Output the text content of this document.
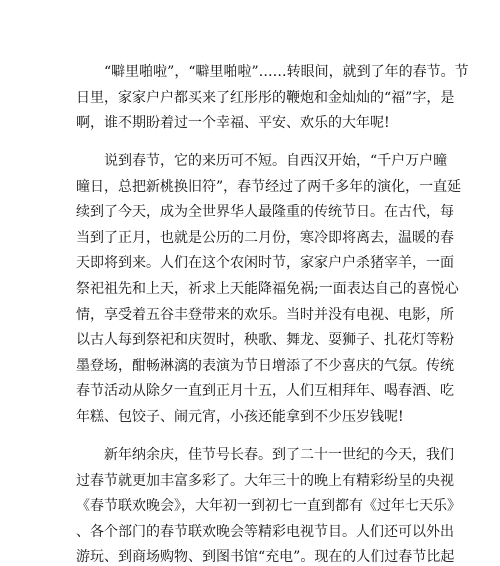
　　“噼里啪啦”，“噼里啪啦”……转眼间，就到了年的春节。节
日里，家家户户都买来了红彤彤的鞭炮和金灿灿的“福”字，是
啊，谁不期盼着过一个幸福、平安、欢乐的大年呢!

　　说到春节，它的来历可不短。自西汉开始，“千户万户曈
曈日，总把新桃换旧符”，春节经过了两千多年的演化，一直延
续到了今天，成为全世界华人最隆重的传统节日。在古代，每
当到了正月，也就是公历的二月份，寒冷即将离去，温暖的春
天即将到来。人们在这个农闲时节，家家户户杀猪宰羊，一面
祭祀祖先和上天，祈求上天能降福免祸;一面表达自己的喜悦心
情，享受着五谷丰登带来的欢乐。当时并没有电视、电影，所
以古人每到祭祀和庆贺时，秧歌、舞龙、耍狮子、扎花灯等粉
墨登场，酣畅淋漓的表演为节日增添了不少喜庆的气氛。传统
春节活动从除夕一直到正月十五，人们互相拜年、喝春酒、吃
年糕、包饺子、闹元宵，小孩还能拿到不少压岁钱呢!

　　新年纳余庆，佳节号长春。到了二十一世纪的今天，我们
过春节就更加丰富多彩了。大年三十的晚上有精彩纷呈的央视
《春节联欢晚会》，大年初一到初七一直到都有《过年七天乐》
、各个部门的春节联欢晚会等精彩电视节目。人们还可以外出
游玩、到商场购物、到图书馆“充电”。现在的人们过春节比起
